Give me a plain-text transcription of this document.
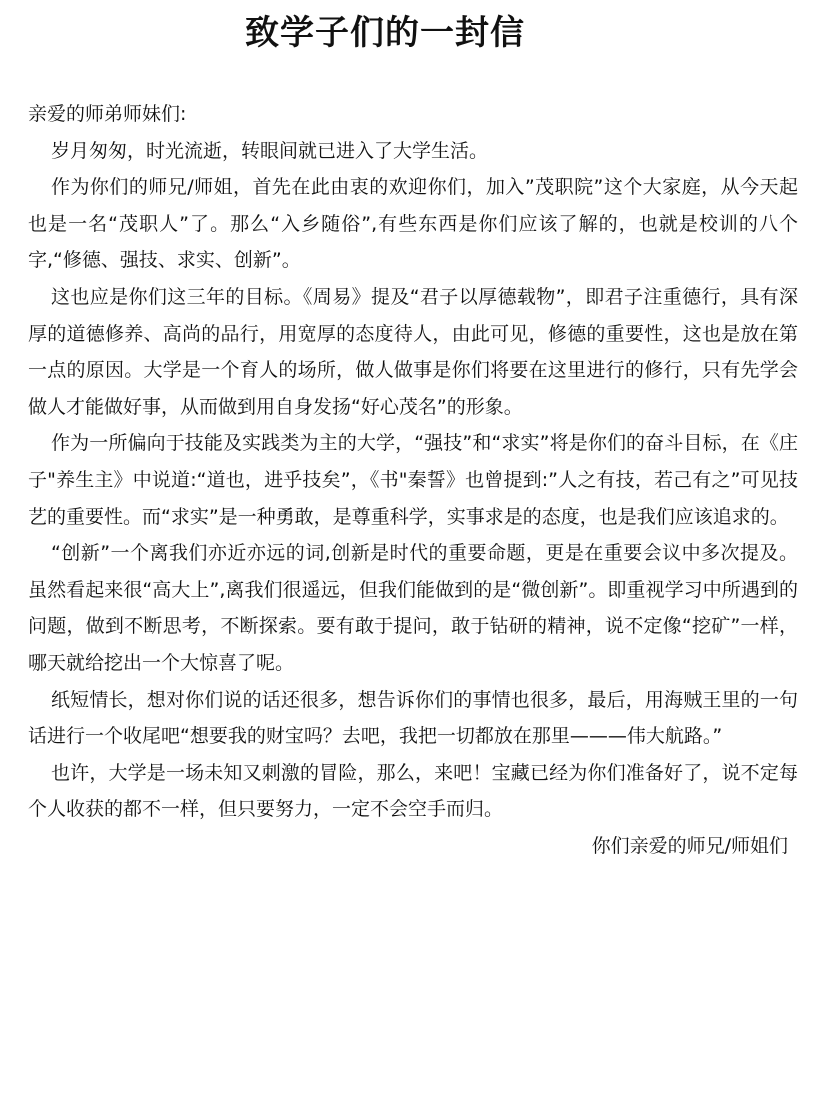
致学子们的一封信

亲爱的师弟师妹们:

岁月匆匆，时光流逝，转眼间就已进入了大学生活。

作为你们的师兄/师姐，首先在此由衷的欢迎你们，加入”茂职院”这个大家庭，从今天起也是一名“茂职人”了。那么“入乡随俗”,有些东西是你们应该了解的，也就是校训的八个字,“修德、强技、求实、创新”。

这也应是你们这三年的目标。《周易》提及“君子以厚德载物”，即君子注重德行，具有深厚的道德修养、高尚的品行，用宽厚的态度待人，由此可见，修德的重要性，这也是放在第一点的原因。大学是一个育人的场所，做人做事是你们将要在这里进行的修行，只有先学会做人才能做好事，从而做到用自身发扬“好心茂名”的形象。

作为一所偏向于技能及实践类为主的大学，“强技”和“求实”将是你们的奋斗目标，在《庄子"养生主》中说道:“道也，进乎技矣”，《书"秦誓》也曾提到:”人之有技，若己有之”可见技艺的重要性。而“求实”是一种勇敢，是尊重科学，实事求是的态度，也是我们应该追求的。

“创新”一个离我们亦近亦远的词,创新是时代的重要命题，更是在重要会议中多次提及。虽然看起来很“高大上”,离我们很遥远，但我们能做到的是“微创新”。即重视学习中所遇到的问题，做到不断思考，不断探索。要有敢于提问，敢于钻研的精神，说不定像“挖矿”一样，哪天就给挖出一个大惊喜了呢。

纸短情长，想对你们说的话还很多，想告诉你们的事情也很多，最后，用海贼王里的一句话进行一个收尾吧“想要我的财宝吗？去吧，我把一切都放在那里———伟大航路。”

也许，大学是一场未知又刺激的冒险，那么，来吧！宝藏已经为你们准备好了，说不定每个人收获的都不一样，但只要努力，一定不会空手而归。

你们亲爱的师兄/师姐们
